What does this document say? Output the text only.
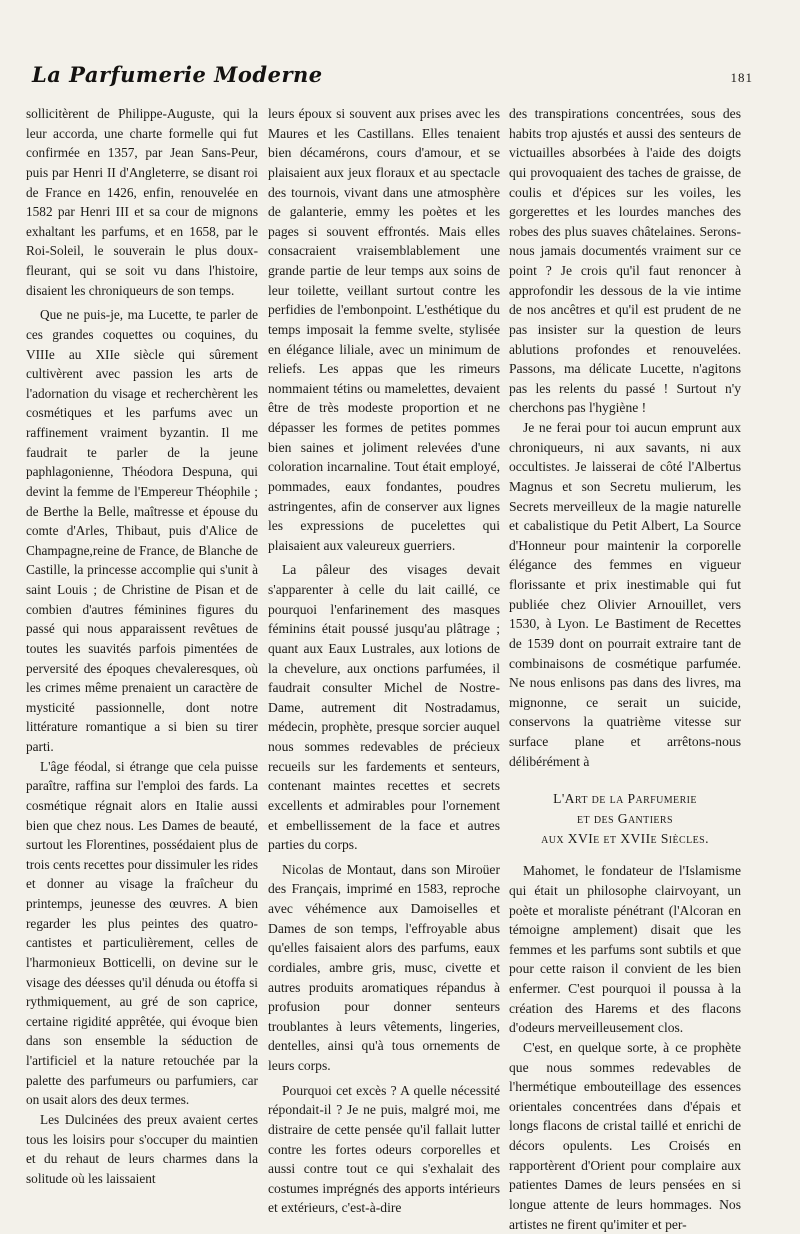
La Parfumerie Moderne	181

sollicitèrent de Philippe-Auguste, qui la leur accorda, une charte formelle qui fut confirmée en 1357, par Jean Sans-Peur, puis par Henri II d'Angleterre, se disant roi de France en 1426, enfin, renouvelée en 1582 par Henri III et sa cour de mignons exhaltant les parfums, et en 1658, par le Roi-Soleil, le souverain le plus doux-fleurant, qui se soit vu dans l'histoire, disaient les chroniqueurs de son temps.

Que ne puis-je, ma Lucette, te parler de ces grandes coquettes ou coquines, du VIIIe au XIIe siècle qui sûrement cultivèrent avec passion les arts de l'adornation du visage et recherchèrent les cosmétiques et les parfums avec un raffinement vraiment byzantin. Il me faudrait te parler de la jeune paphlagonienne, Théodora Despuna, qui devint la femme de l'Empereur Théophile ; de Berthe la Belle, maîtresse et épouse du comte d'Arles, Thibaut, puis d'Alice de Champagne,reine de France, de Blanche de Castille, la princesse accomplie qui s'unit à saint Louis ; de Christine de Pisan et de combien d'autres féminines figures du passé qui nous apparaissent revêtues de toutes les suavités parfois pimentées de perversité des époques chevaleresques, où les crimes même prenaient un caractère de mysticité passionnelle, dont notre littérature romantique a si bien su tirer parti.

L'âge féodal, si étrange que cela puisse paraître, raffina sur l'emploi des fards. La cosmétique régnait alors en Italie aussi bien que chez nous. Les Dames de beauté, surtout les Florentines, possédaient plus de trois cents recettes pour dissimuler les rides et donner au visage la fraîcheur du printemps, jeunesse des œuvres. A bien regarder les plus peintes des quatro-cantistes et particulièrement, celles de l'harmonieux Botticelli, on devine sur le visage des déesses qu'il dénuda ou étoffa si rythmiquement, au gré de son caprice, certaine rigidité apprêtée, qui évoque bien dans son ensemble la séduction de l'artificiel et la nature retouchée par la palette des parfumeurs ou parfumiers, car on usait alors des deux termes.

Les Dulcinées des preux avaient certes tous les loisirs pour s'occuper du maintien et du rehaut de leurs charmes dans la solitude où les laissaient

leurs époux si souvent aux prises avec les Maures et les Castillans. Elles tenaient bien décamérons, cours d'amour, et se plaisaient aux jeux floraux et au spectacle des tournois, vivant dans une atmosphère de galanterie, emmy les poètes et les pages si souvent effrontés. Mais elles consacraient vraisemblablement une grande partie de leur temps aux soins de leur toilette, veillant surtout contre les perfidies de l'embonpoint. L'esthétique du temps imposait la femme svelte, stylisée en élégance liliale, avec un minimum de reliefs. Les appas que les rimeurs nommaient tétins ou mamelettes, devaient être de très modeste proportion et ne dépasser les formes de petites pommes bien saines et joliment relevées d'une coloration incarnaline. Tout était employé, pommades, eaux fondantes, poudres astringentes, afin de conserver aux lignes les expressions de pucelettes qui plaisaient aux valeureux guerriers.

La pâleur des visages devait s'apparenter à celle du lait caillé, ce pourquoi l'enfarinement des masques féminins était poussé jusqu'au plâtrage ; quant aux Eaux Lustrales, aux lotions de la chevelure, aux onctions parfumées, il faudrait consulter Michel de Nostre-Dame, autrement dit Nostradamus, médecin, prophète, presque sorcier auquel nous sommes redevables de précieux recueils sur les fardements et senteurs, contenant maintes recettes et secrets excellents et admirables pour l'ornement et embellissement de la face et autres parties du corps.

Nicolas de Montaut, dans son Miroüer des Français, imprimé en 1583, reproche avec véhémence aux Damoiselles et Dames de son temps, l'effroyable abus qu'elles faisaient alors des parfums, eaux cordiales, ambre gris, musc, civette et autres produits aromatiques répandus à profusion pour donner senteurs troublantes à leurs vêtements, lingeries, dentelles, ainsi qu'à tous ornements de leurs corps.

Pourquoi cet excès ? A quelle nécessité répondait-il ? Je ne puis, malgré moi, me distraire de cette pensée qu'il fallait lutter contre les fortes odeurs corporelles et aussi contre tout ce qui s'exhalait des costumes imprégnés des apports intérieurs et extérieurs, c'est-à-dire

des transpirations concentrées, sous des habits trop ajustés et aussi des senteurs de victuailles absorbées à l'aide des doigts qui provoquaient des taches de graisse, de coulis et d'épices sur les voiles, les gorgerettes et les lourdes manches des robes des plus suaves châtelaines. Serons-nous jamais documentés vraiment sur ce point ? Je crois qu'il faut renoncer à approfondir les dessous de la vie intime de nos ancêtres et qu'il est prudent de ne pas insister sur la question de leurs ablutions profondes et renouvelées. Passons, ma délicate Lucette, n'agitons pas les relents du passé ! Surtout n'y cherchons pas l'hygiène !

Je ne ferai pour toi aucun emprunt aux chroniqueurs, ni aux savants, ni aux occultistes. Je laisserai de côté l'Albertus Magnus et son Secretu mulierum, les Secrets merveilleux de la magie naturelle et cabalistique du Petit Albert, La Source d'Honneur pour maintenir la corporelle élégance des femmes en vigueur florissante et prix inestimable qui fut publiée chez Olivier Arnouillet, vers 1530, à Lyon. Le Bastiment de Recettes de 1539 dont on pourrait extraire tant de combinaisons de cosmétique parfumée. Ne nous enlisons pas dans des livres, ma mignonne, ce serait un suicide, conservons la quatrième vitesse sur surface plane et arrêtons-nous délibérément à

L'Art de la Parfumerie
et des Gantiers
aux XVIe et XVIIe Siècles.

Mahomet, le fondateur de l'Islamisme qui était un philosophe clairvoyant, un poète et moraliste pénétrant (l'Alcoran en témoigne amplement) disait que les femmes et les parfums sont subtils et que pour cette raison il convient de les bien enfermer. C'est pourquoi il poussa à la création des Harems et des flacons d'odeurs merveilleusement clos.

C'est, en quelque sorte, à ce prophète que nous sommes redevables de l'hermétique embouteillage des essences orientales concentrées dans d'épais et longs flacons de cristal taillé et enrichi de décors opulents. Les Croisés en rapportèrent d'Orient pour complaire aux patientes Dames de leurs pensées en si longue attente de leurs hommages. Nos artistes ne firent qu'imiter et per-
